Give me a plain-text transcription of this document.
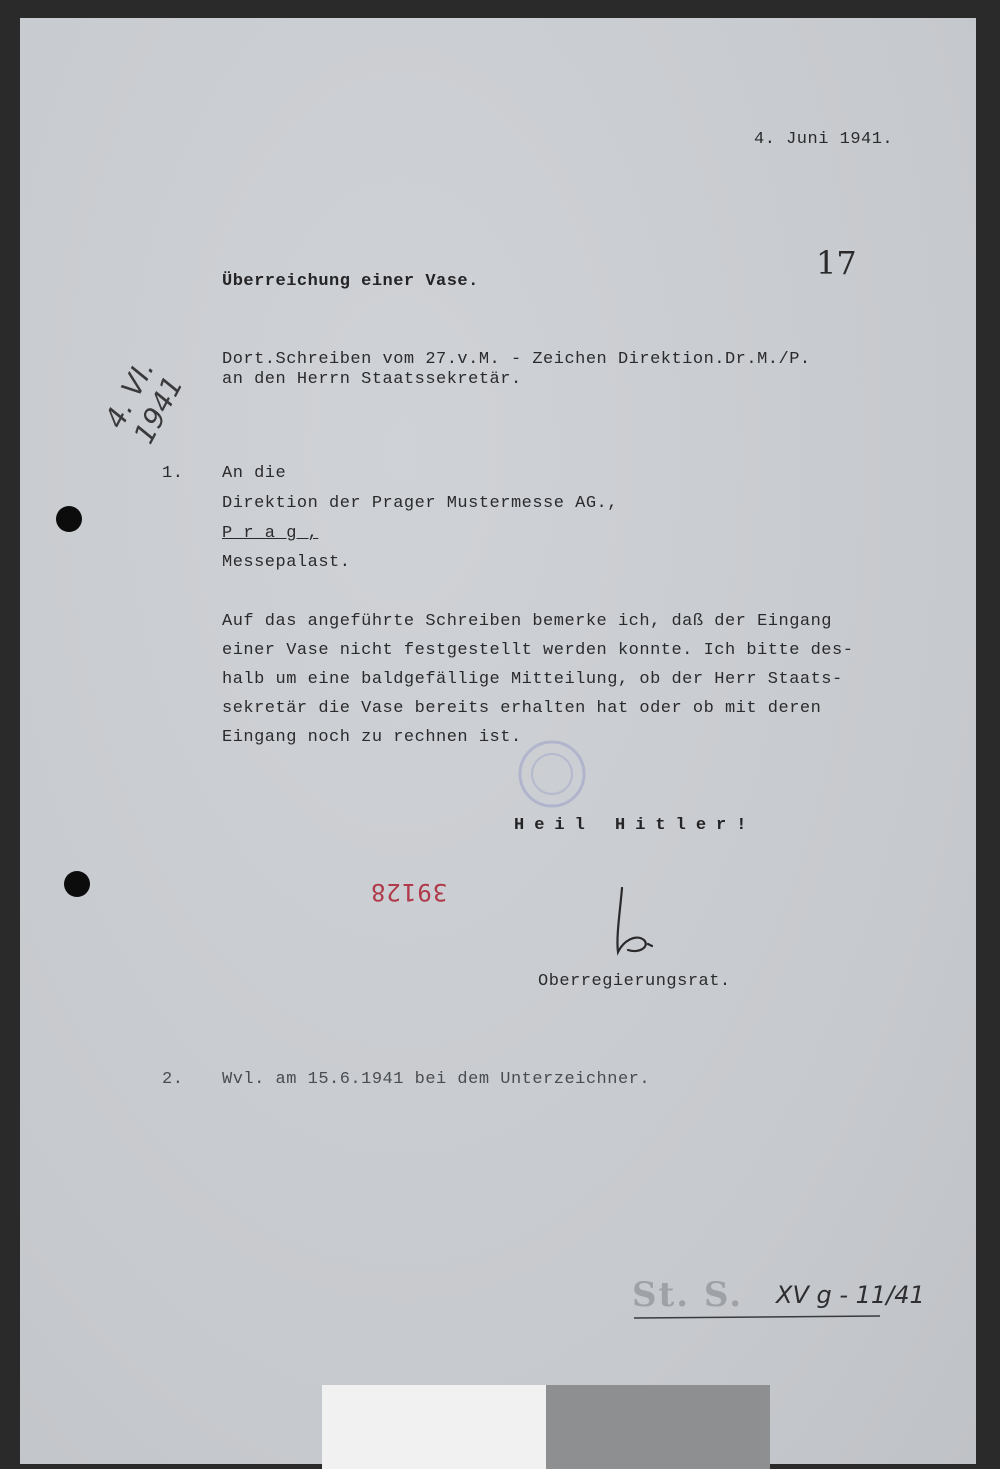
4. Juni 1941.
17
Überreichung einer Vase.
Dort.Schreiben vom 27.v.M. - Zeichen Direktion.Dr.M./P.
an den Herrn Staatssekretär.
4. VI. 1941
1. An die
Direktion der Prager Mustermesse AG.,
P r a g ,
Messepalast.
Auf das angeführte Schreiben bemerke ich, daß der Eingang
einer Vase nicht festgestellt werden konnte. Ich bitte des-
halb um eine baldgefällige Mitteilung, ob der Herr Staats-
sekretär die Vase bereits erhalten hat oder ob mit deren
Eingang noch zu rechnen ist.
Heil Hitler!
39128
Oberregierungsrat.
2. Wvl. am 15.6.1941 bei dem Unterzeichner.
St. S. XV g - 11/41
